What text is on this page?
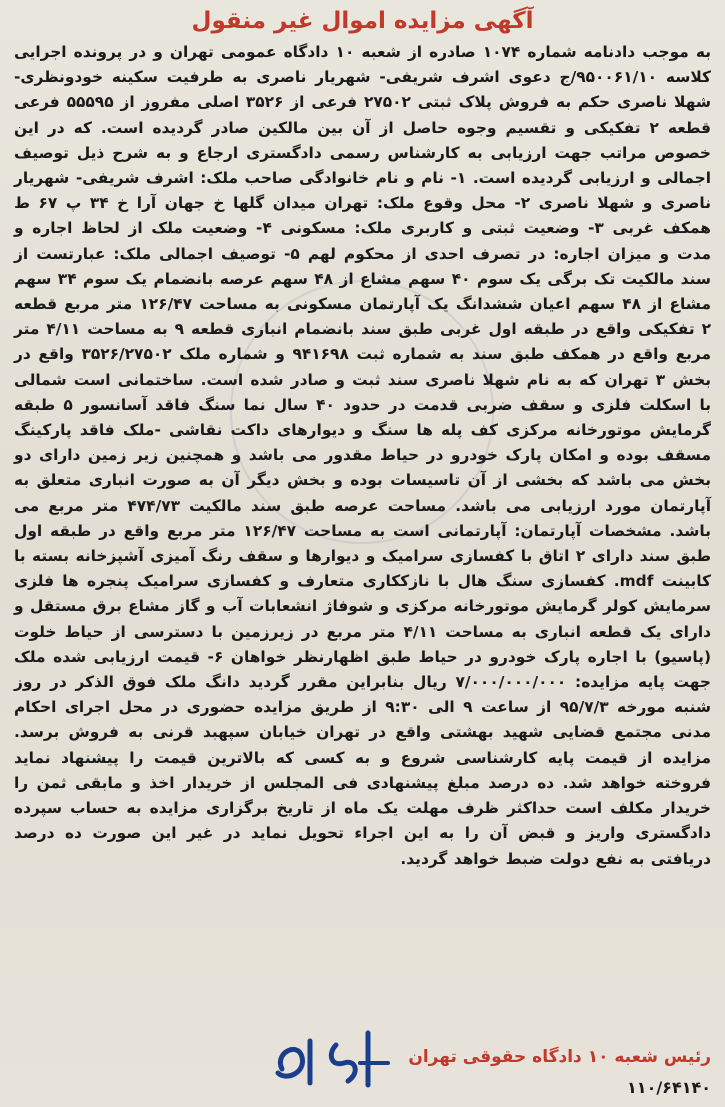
آگهی مزایده اموال غیر منقول
به موجب دادنامه شماره ۱۰۷۴ صادره از شعبه ۱۰ دادگاه عمومی تهران و در پرونده اجرایی کلاسه ۹۵۰۰۶۱/۱۰/ج دعوی اشرف شریفی- شهریار ناصری به طرفیت سکینه خودونظری- شهلا ناصری حکم به فروش پلاک ثبتی ۲۷۵۰۲ فرعی از ۳۵۲۶ اصلی مفروز از ۵۵۵۹۵ فرعی قطعه ۲ تفکیکی و تقسیم وجوه حاصل از آن بین مالکین صادر گردیده است. که در این خصوص مراتب جهت ارزیابی به کارشناس رسمی دادگستری ارجاع و به شرح ذیل توصیف اجمالی و ارزیابی گردیده است. ۱- نام و نام خانوادگی صاحب ملک: اشرف شریفی- شهریار ناصری و شهلا ناصری ۲- محل وقوع ملک: تهران میدان گلها خ جهان آرا خ ۳۴ پ ۶۷ ط همکف غربی ۳- وضعیت ثبتی و کاربری ملک: مسکونی ۴- وضعیت ملک از لحاظ اجاره و مدت و میزان اجاره: در تصرف احدی از محکوم لهم ۵- توصیف اجمالی ملک: عبارتست از سند مالکیت تک برگی یک سوم ۴۰ سهم مشاع از ۴۸ سهم عرصه بانضمام یک سوم ۳۴ سهم مشاع از ۴۸ سهم اعیان ششدانگ یک آپارتمان مسکونی به مساحت ۱۲۶/۴۷ متر مربع قطعه ۲ تفکیکی واقع در طبقه اول غربی طبق سند بانضمام انباری قطعه ۹ به مساحت ۴/۱۱ متر مربع واقع در همکف طبق سند به شماره ثبت ۹۴۱۶۹۸ و شماره ملک ۳۵۲۶/۲۷۵۰۲ واقع در بخش ۳ تهران که به نام شهلا ناصری سند ثبت و صادر شده است. ساختمانی است شمالی با اسکلت فلزی و سقف ضربی قدمت در حدود ۴۰ سال نما سنگ فاقد آسانسور ۵ طبقه گرمایش موتورخانه مرکزی کف پله ها سنگ و دیوارهای داکت نقاشی -ملک فاقد پارکینگ مسقف بوده و امکان پارک خودرو در حیاط مقدور می باشد و همچنین زیر زمین دارای دو بخش می باشد که بخشی از آن تاسیسات بوده و بخش دیگر آن به صورت انباری متعلق به آپارتمان مورد ارزیابی می باشد. مساحت عرصه طبق سند مالکیت ۴۷۴/۷۳ متر مربع می باشد. مشخصات آپارتمان: آپارتمانی است به مساحت ۱۲۶/۴۷ متر مربع واقع در طبقه اول طبق سند دارای ۲ اتاق با کفسازی سرامیک و دیوارها و سقف رنگ آمیزی آشپزخانه بسته با کابینت mdf. کفسازی سنگ هال با نازککاری متعارف و کفسازی سرامیک پنجره ها فلزی سرمایش کولر گرمایش موتورخانه مرکزی و شوفاژ انشعابات آب و گاز مشاع برق مستقل و دارای یک قطعه انباری به مساحت ۴/۱۱ متر مربع در زیرزمین با دسترسی از حیاط خلوت (پاسیو) با اجاره پارک خودرو در حیاط طبق اظهارنظر خواهان ۶- قیمت ارزیابی شده ملک جهت پایه مزایده: ۷/۰۰۰/۰۰۰/۰۰۰ ریال بنابراین مقرر گردید دانگ ملک فوق الذکر در روز شنبه مورخه ۹۵/۷/۳ از ساعت ۹ الی ۹:۳۰ از طریق مزایده حضوری در محل اجرای احکام مدنی مجتمع قضایی شهید بهشتی واقع در تهران خیابان سپهبد قرنی به فروش برسد. مزایده از قیمت پایه کارشناسی شروع و به کسی که بالاترین قیمت را پیشنهاد نماید فروخته خواهد شد. ده درصد مبلغ پیشنهادی فی المجلس از خریدار اخذ و مابقی ثمن را خریدار مکلف است حداکثر ظرف مهلت یک ماه از تاریخ برگزاری مزایده به حساب سپرده دادگستری واریز و قبض آن را به این اجراء تحویل نماید در غیر این صورت ده درصد دریافتی به نفع دولت ضبط خواهد گردید.
رئیس شعبه ۱۰ دادگاه حقوقی تهران
۱۱۰/۶۴۱۴۰
